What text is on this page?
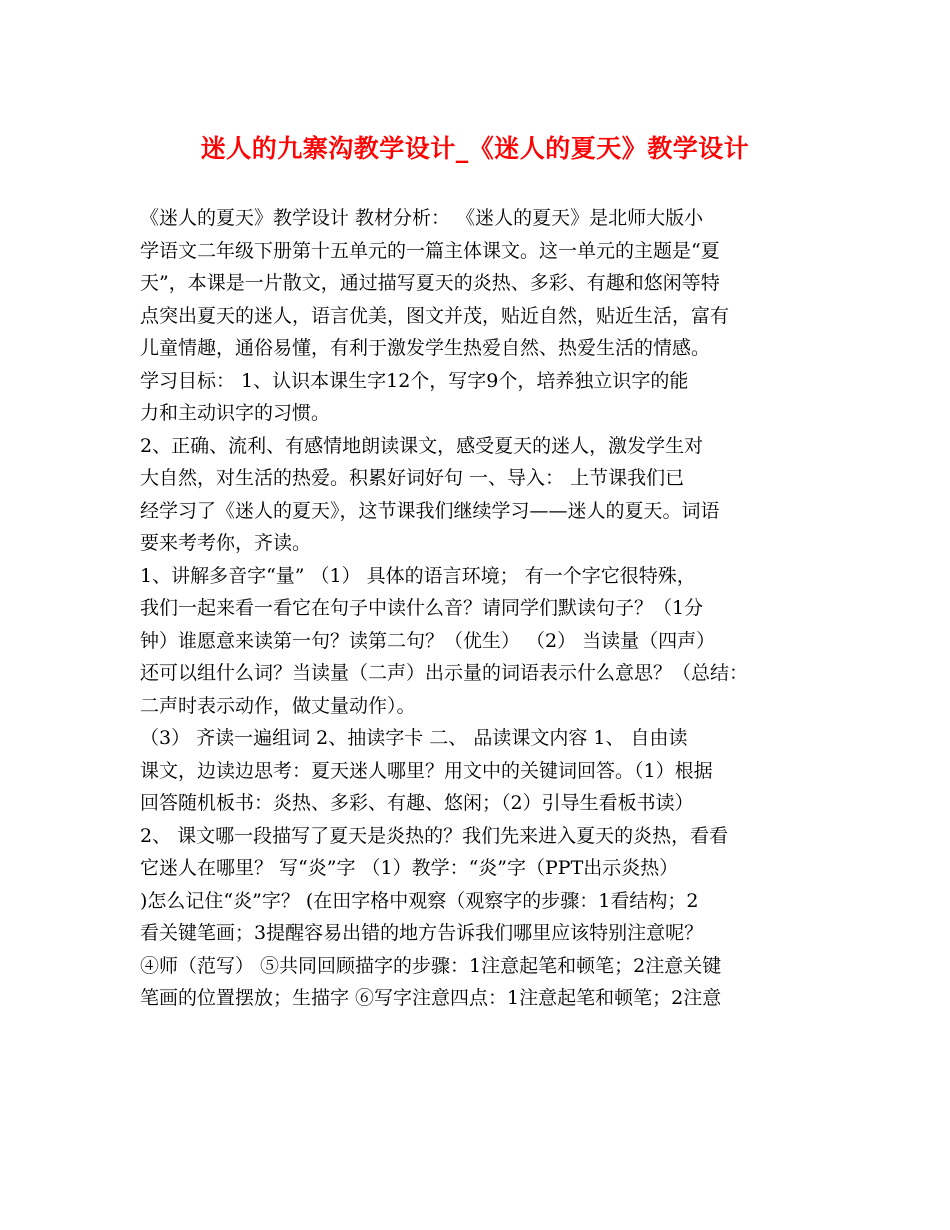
迷人的九寨沟教学设计_《迷人的夏天》教学设计
《迷人的夏天》教学设计 教材分析： 《迷人的夏天》是北师大版小
学语文二年级下册第十五单元的一篇主体课文。这一单元的主题是“夏
天”，本课是一片散文，通过描写夏天的炎热、多彩、有趣和悠闲等特
点突出夏天的迷人，语言优美，图文并茂，贴近自然，贴近生活，富有
儿童情趣，通俗易懂，有利于激发学生热爱自然、热爱生活的情感。
学习目标： 1、认识本课生字12个，写字9个，培养独立识字的能
力和主动识字的习惯。
2、正确、流利、有感情地朗读课文，感受夏天的迷人，激发学生对
大自然，对生活的热爱。积累好词好句 一、导入： 上节课我们已
经学习了《迷人的夏天》，这节课我们继续学习——迷人的夏天。词语
要来考考你，齐读。
1、讲解多音字“量” （1） 具体的语言环境； 有一个字它很特殊，
我们一起来看一看它在句子中读什么音？请同学们默读句子？（1分
钟）谁愿意来读第一句？读第二句？（优生） （2） 当读量（四声）
还可以组什么词？当读量（二声）出示量的词语表示什么意思？（总结：
二声时表示动作，做丈量动作）。
（3） 齐读一遍组词 2、抽读字卡 二、 品读课文内容 1、 自由读
课文，边读边思考：夏天迷人哪里？用文中的关键词回答。（1）根据
回答随机板书：炎热、多彩、有趣、悠闲；（2）引导生看板书读）
2、 课文哪一段描写了夏天是炎热的？我们先来进入夏天的炎热，看看
它迷人在哪里？ 写“炎”字 （1）教学：“炎”字（PPT出示炎热）
)怎么记住“炎”字？ (在田字格中观察（观察字的步骤：1看结构；2
看关键笔画；3提醒容易出错的地方告诉我们哪里应该特别注意呢？
④师（范写） ⑤共同回顾描字的步骤：1注意起笔和顿笔；2注意关键
笔画的位置摆放；生描字 ⑥写字注意四点：1注意起笔和顿笔；2注意
